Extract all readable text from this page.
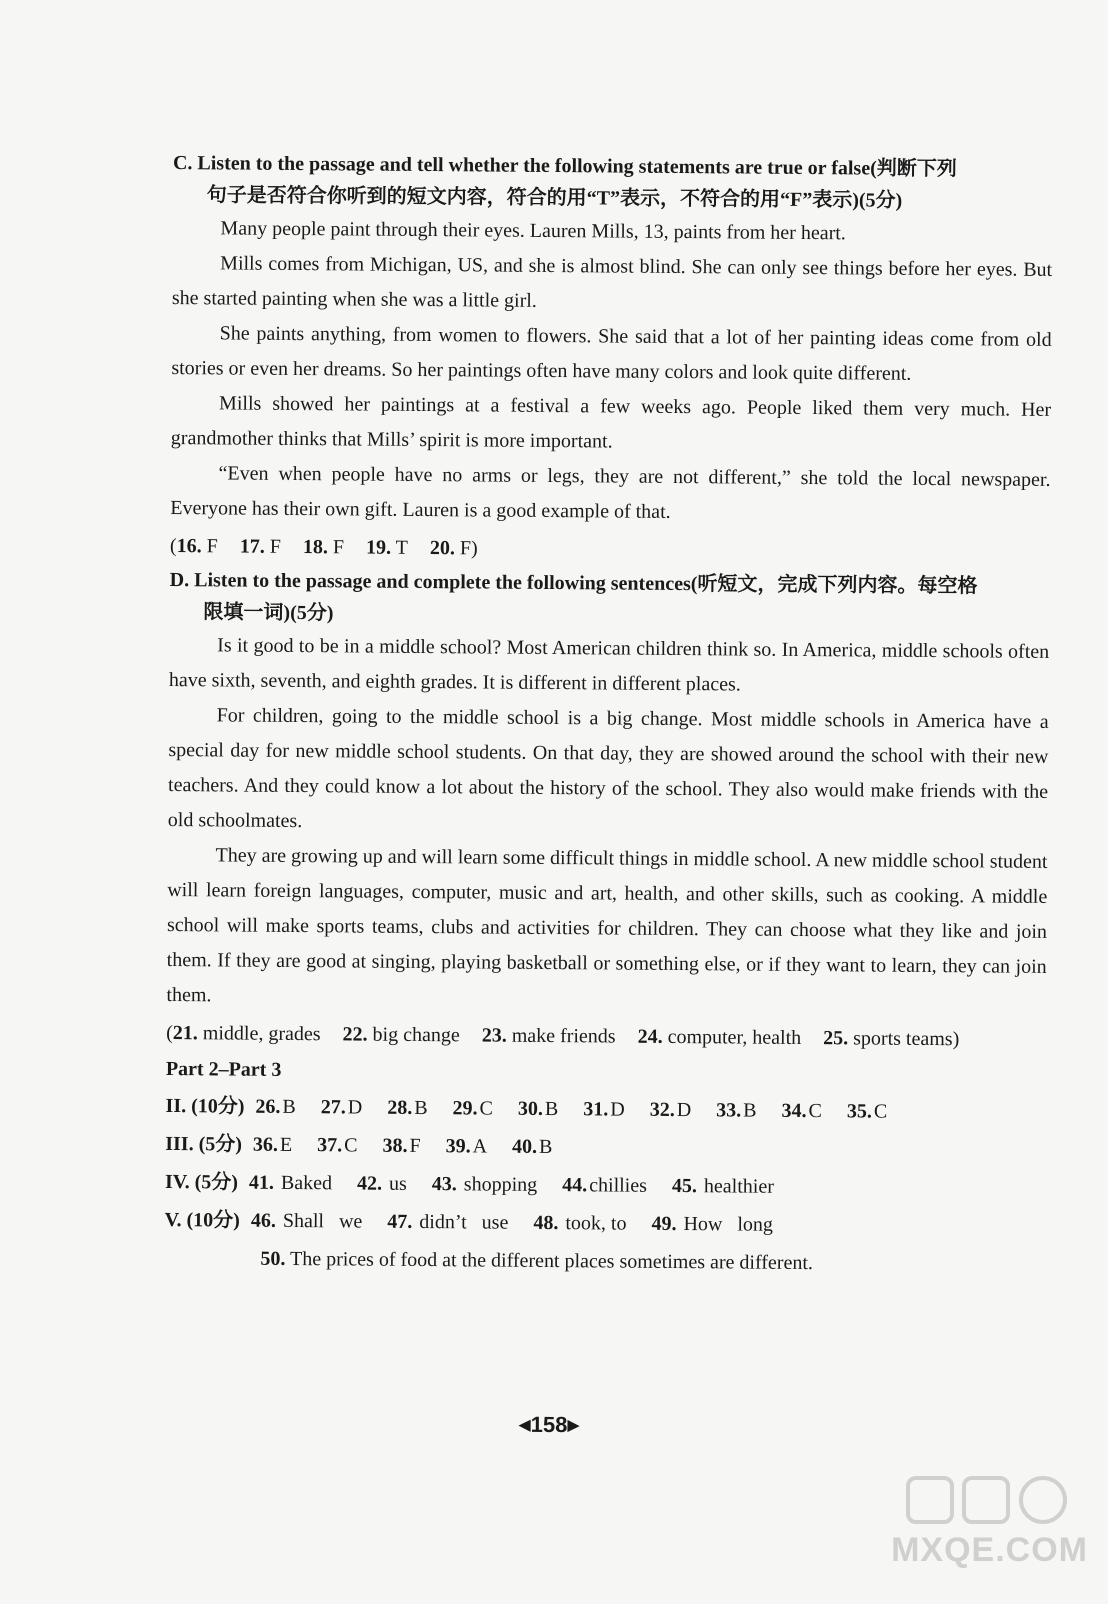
C. Listen to the passage and tell whether the following statements are true or false(判断下列
句子是否符合你听到的短文内容，符合的用“T”表示，不符合的用“F”表示)(5分)

Many people paint through their eyes. Lauren Mills, 13, paints from her heart.

Mills comes from Michigan, US, and she is almost blind. She can only see things before her eyes. But she started painting when she was a little girl.

She paints anything, from women to flowers. She said that a lot of her painting ideas come from old stories or even her dreams. So her paintings often have many colors and look quite different.

Mills showed her paintings at a festival a few weeks ago. People liked them very much. Her grandmother thinks that Mills’ spirit is more important.

“Even when people have no arms or legs, they are not different,” she told the local newspaper. Everyone has their own gift. Lauren is a good example of that.

(16. F 17. F 18. F 19. T 20. F)

D. Listen to the passage and complete the following sentences(听短文，完成下列内容。每空格
限填一词)(5分)

Is it good to be in a middle school? Most American children think so. In America, middle schools often have sixth, seventh, and eighth grades. It is different in different places.

For children, going to the middle school is a big change. Most middle schools in America have a special day for new middle school students. On that day, they are showed around the school with their new teachers. And they could know a lot about the history of the school. They also would make friends with the old schoolmates.

They are growing up and will learn some difficult things in middle school. A new middle school student will learn foreign languages, computer, music and art, health, and other skills, such as cooking. A middle school will make sports teams, clubs and activities for children. They can choose what they like and join them. If they are good at singing, playing basketball or something else, or if they want to learn, they can join them.

(21. middle, grades 22. big change 23. make friends 24. computer, health 25. sports teams)

Part 2–Part 3

II. (10分) 26.B 27.D 28.B 29.C 30.B 31.D 32.D 33.B 34.C 35.C

III. (5分) 36.E 37.C 38.F 39.A 40.B

IV. (5分) 41. Baked 42. us 43. shopping 44.chillies 45. healthier

V. (10分) 46. Shall   we 47. didn’t   use 48. took, to 49. How   long

50. The prices of food at the different places sometimes are different.

◀158▶
MXQE.COM
